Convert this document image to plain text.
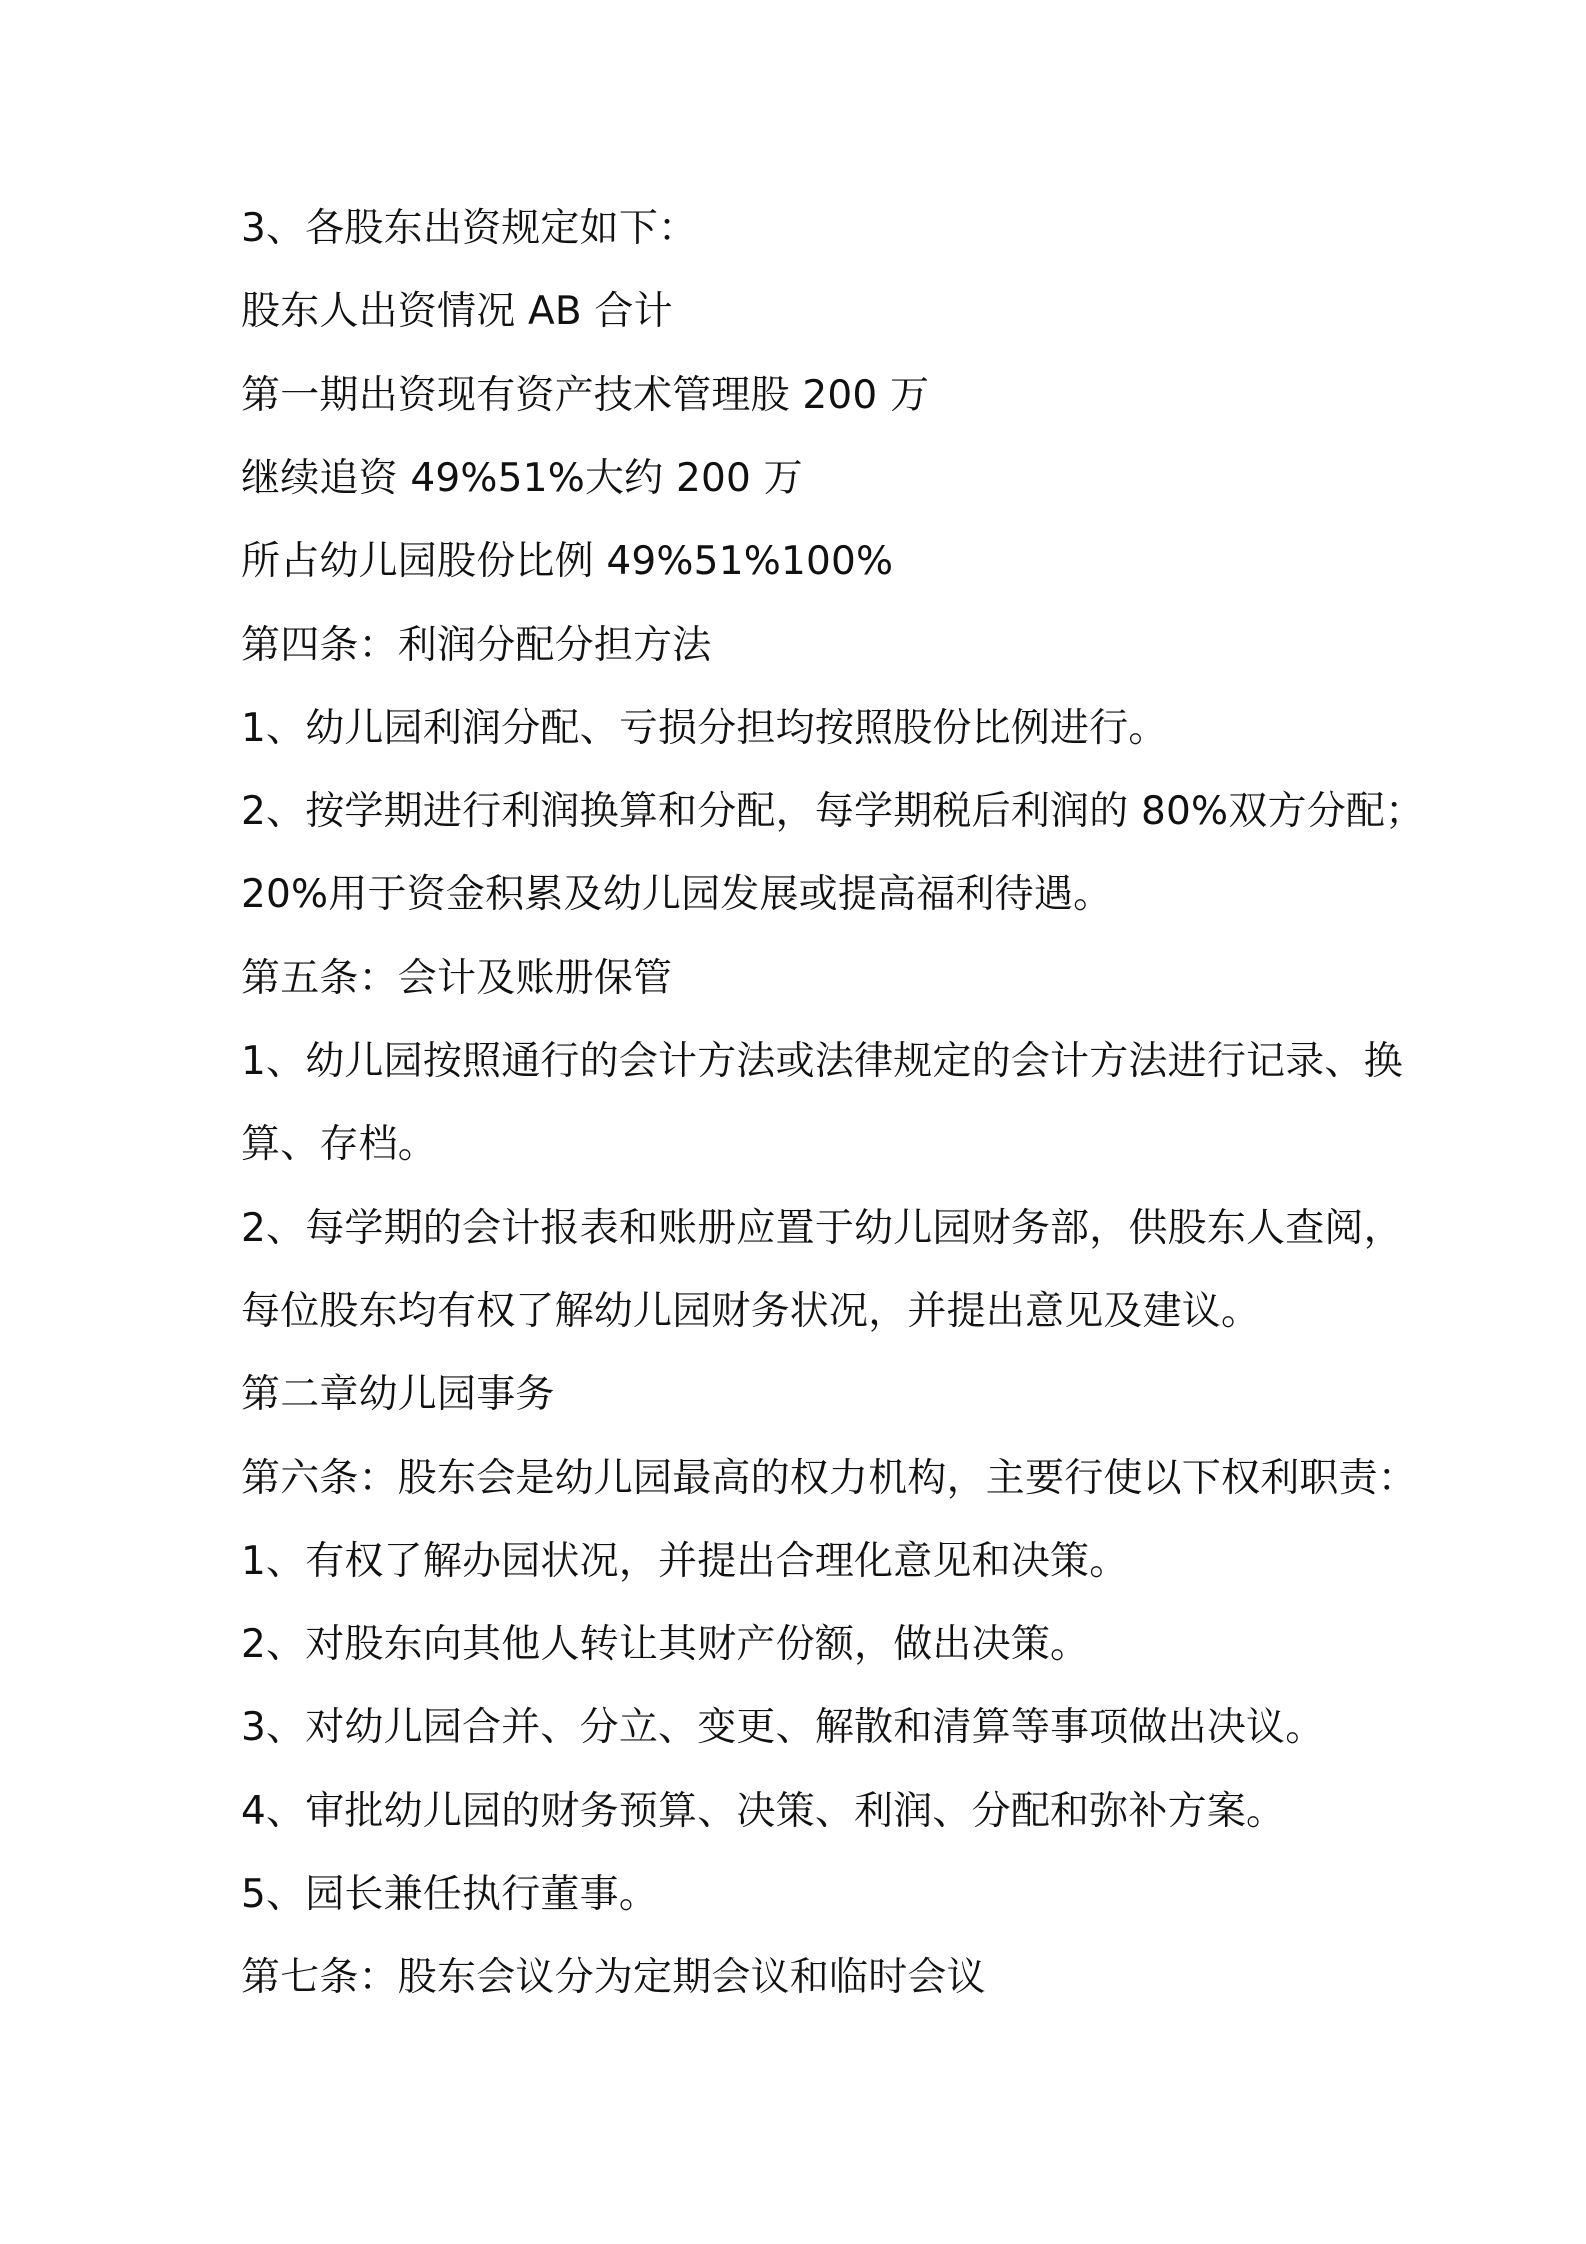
3、各股东出资规定如下：
股东人出资情况 AB 合计
第一期出资现有资产技术管理股 200 万
继续追资 49%51%大约 200 万
所占幼儿园股份比例 49%51%100%
第四条：利润分配分担方法
1、幼儿园利润分配、亏损分担均按照股份比例进行。
2、按学期进行利润换算和分配，每学期税后利润的 80%双方分配；
20%用于资金积累及幼儿园发展或提高福利待遇。
第五条：会计及账册保管
1、幼儿园按照通行的会计方法或法律规定的会计方法进行记录、换
算、存档。
2、每学期的会计报表和账册应置于幼儿园财务部，供股东人查阅，
每位股东均有权了解幼儿园财务状况，并提出意见及建议。
第二章幼儿园事务
第六条：股东会是幼儿园最高的权力机构，主要行使以下权利职责：
1、有权了解办园状况，并提出合理化意见和决策。
2、对股东向其他人转让其财产份额，做出决策。
3、对幼儿园合并、分立、变更、解散和清算等事项做出决议。
4、审批幼儿园的财务预算、决策、利润、分配和弥补方案。
5、园长兼任执行董事。
第七条：股东会议分为定期会议和临时会议
